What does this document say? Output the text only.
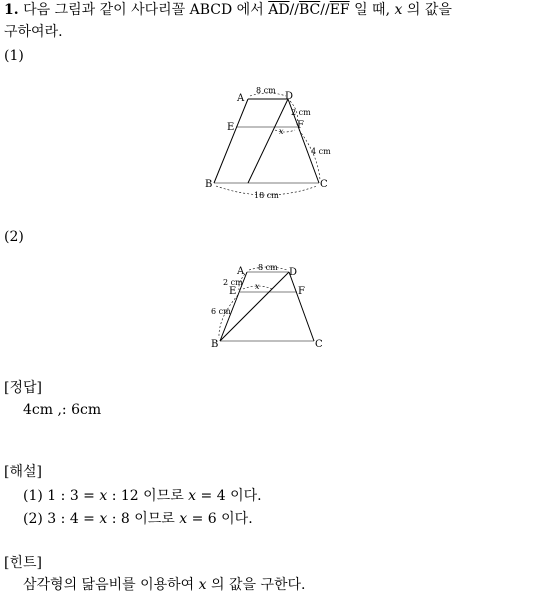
1. 다음 그림과 같이 사다리꼴 ABCD 에서 $\overline{AD}//\overline{BC}//\overline{EF}$ 일 때, x 의 값을
구하여라.
(1)
A	D
E	F
B	C
8 cm
2 cm
4 cm
18 cm
x
(2)
A	D
E	F
B	C
8 cm
2 cm
6 cm
x
[정답]
4cm ,: 6cm
[해설]
(1) 1 : 3 = x : 12 이므로 x = 4 이다.
(2) 3 : 4 = x : 8 이므로 x = 6 이다.
[힌트]
삼각형의 닮음비를 이용하여 x 의 값을 구한다.
